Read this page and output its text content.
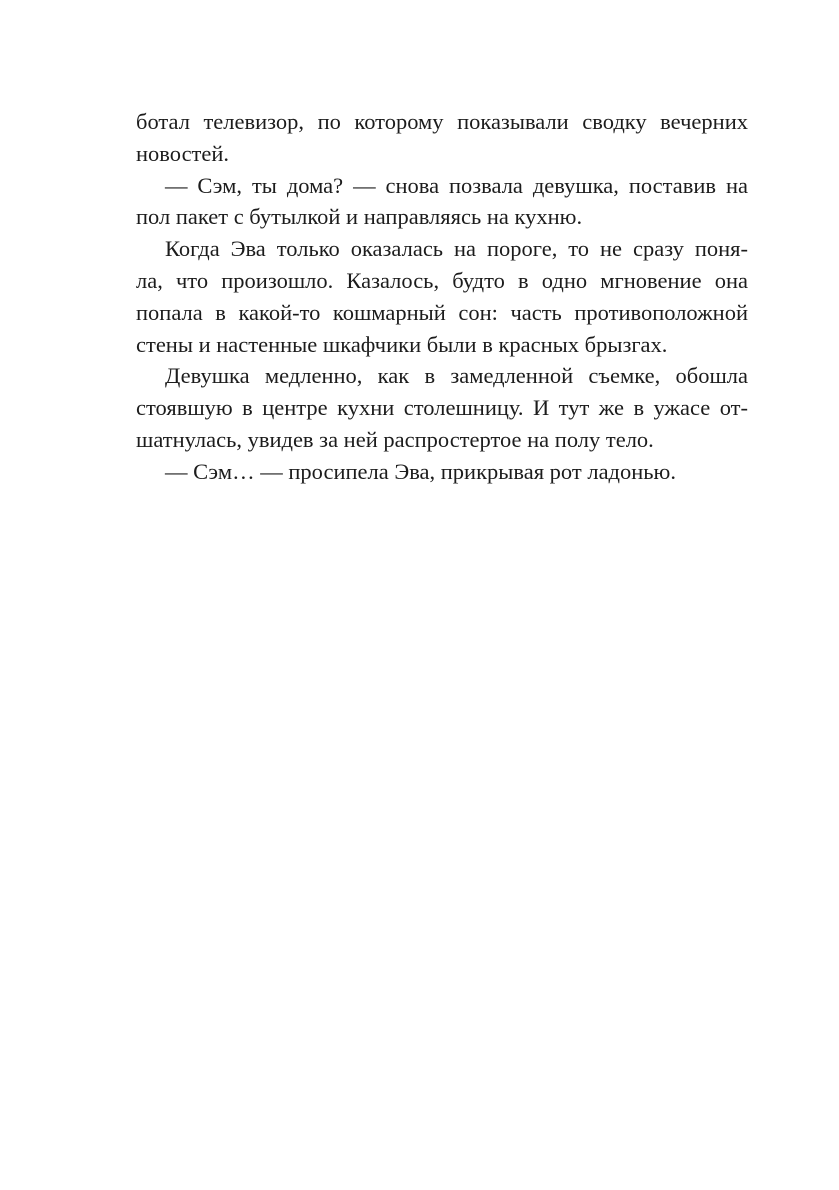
ботал телевизор, по которому показывали сводку вечерних
новостей.
— Сэм, ты дома? — снова позвала девушка, поставив на
пол пакет с бутылкой и направляясь на кухню.
Когда Эва только оказалась на пороге, то не сразу поня-
ла, что произошло. Казалось, будто в одно мгновение она
попала в какой-то кошмарный сон: часть противоположной
стены и настенные шкафчики были в красных брызгах.
Девушка медленно, как в замедленной съемке, обошла
стоявшую в центре кухни столешницу. И тут же в ужасе от-
шатнулась, увидев за ней распростертое на полу тело.
— Сэм… — просипела Эва, прикрывая рот ладонью.
